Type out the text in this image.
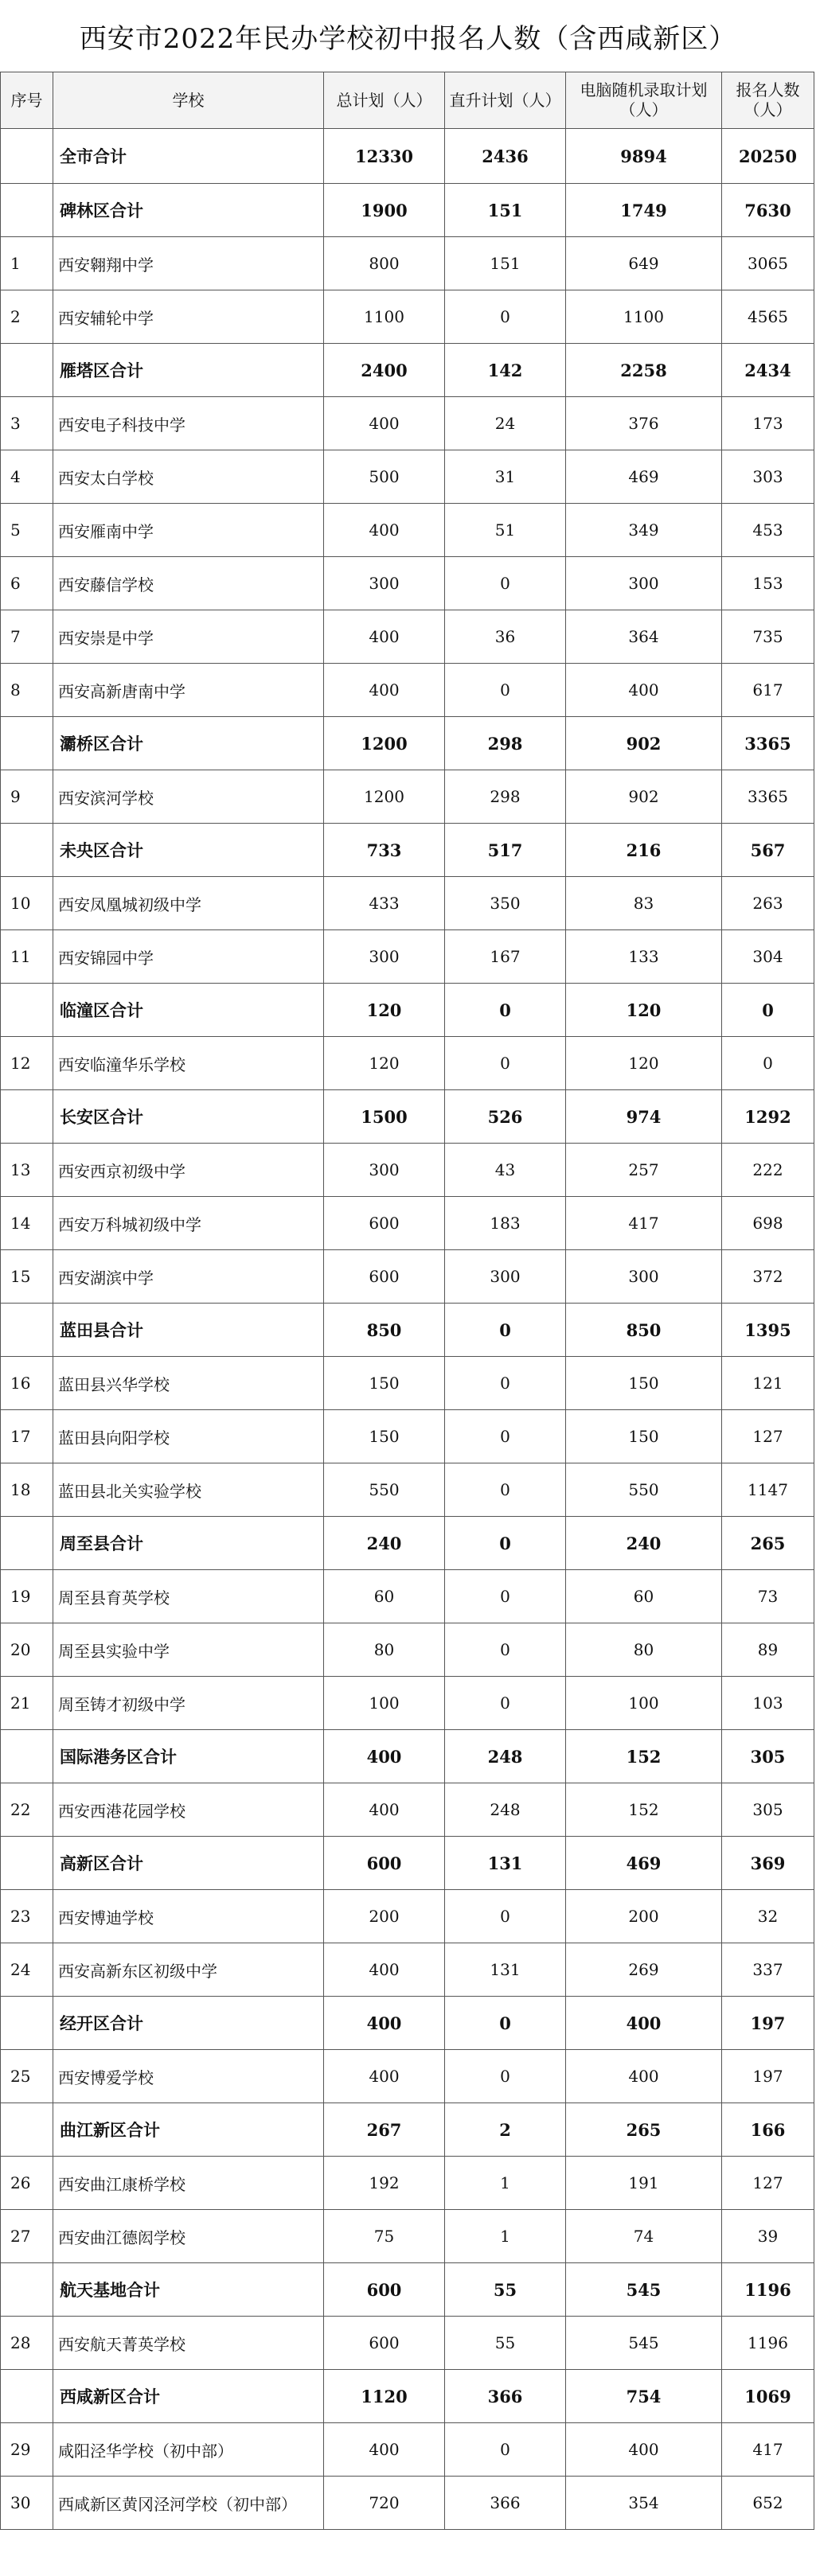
西安市2022年民办学校初中报名人数（含西咸新区）
序号	学校	总计划（人）	直升计划（人）	电脑随机录取计划（人）	报名人数（人）
	全市合计	12330	2436	9894	20250
	碑林区合计	1900	151	1749	7630
1	西安翱翔中学	800	151	649	3065
2	西安辅轮中学	1100	0	1100	4565
	雁塔区合计	2400	142	2258	2434
3	西安电子科技中学	400	24	376	173
4	西安太白学校	500	31	469	303
5	西安雁南中学	400	51	349	453
6	西安藤信学校	300	0	300	153
7	西安崇是中学	400	36	364	735
8	西安高新唐南中学	400	0	400	617
	灞桥区合计	1200	298	902	3365
9	西安滨河学校	1200	298	902	3365
	未央区合计	733	517	216	567
10	西安凤凰城初级中学	433	350	83	263
11	西安锦园中学	300	167	133	304
	临潼区合计	120	0	120	0
12	西安临潼华乐学校	120	0	120	0
	长安区合计	1500	526	974	1292
13	西安西京初级中学	300	43	257	222
14	西安万科城初级中学	600	183	417	698
15	西安湖滨中学	600	300	300	372
	蓝田县合计	850	0	850	1395
16	蓝田县兴华学校	150	0	150	121
17	蓝田县向阳学校	150	0	150	127
18	蓝田县北关实验学校	550	0	550	1147
	周至县合计	240	0	240	265
19	周至县育英学校	60	0	60	73
20	周至县实验中学	80	0	80	89
21	周至铸才初级中学	100	0	100	103
	国际港务区合计	400	248	152	305
22	西安西港花园学校	400	248	152	305
	高新区合计	600	131	469	369
23	西安博迪学校	200	0	200	32
24	西安高新东区初级中学	400	131	269	337
	经开区合计	400	0	400	197
25	西安博爱学校	400	0	400	197
	曲江新区合计	267	2	265	166
26	西安曲江康桥学校	192	1	191	127
27	西安曲江德闳学校	75	1	74	39
	航天基地合计	600	55	545	1196
28	西安航天菁英学校	600	55	545	1196
	西咸新区合计	1120	366	754	1069
29	咸阳泾华学校（初中部）	400	0	400	417
30	西咸新区黄冈泾河学校（初中部）	720	366	354	652
